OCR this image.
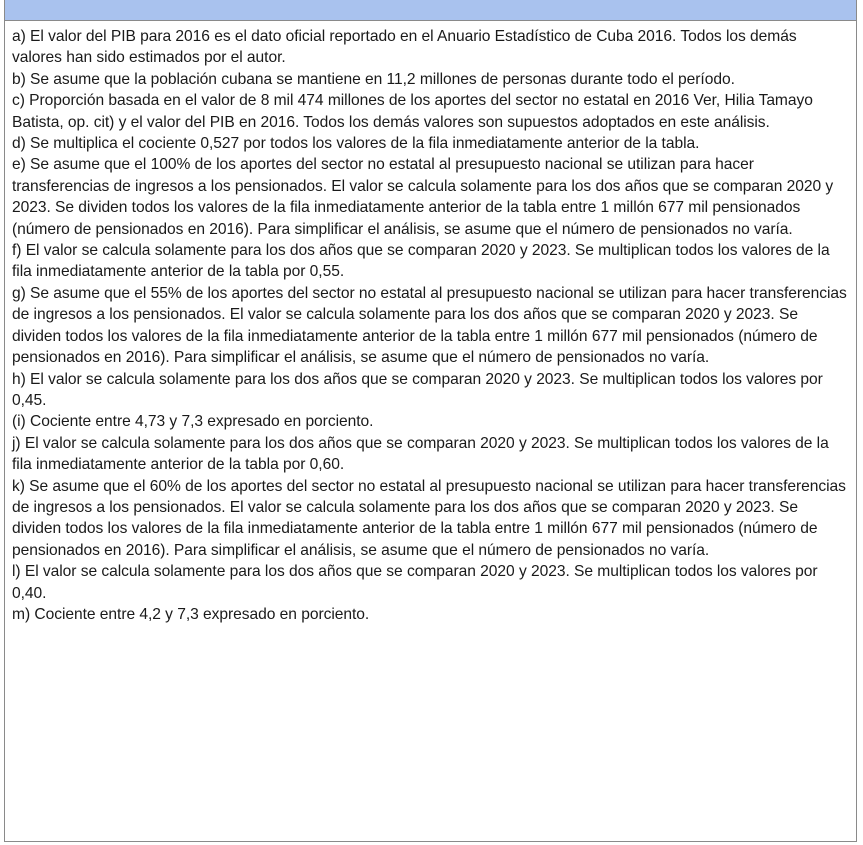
a) El valor del PIB para 2016 es el dato oficial reportado en el Anuario Estadístico de Cuba 2016. Todos los demás valores han sido estimados por el autor.

b) Se asume que la población cubana se mantiene en 11,2 millones de personas durante todo el período.

c) Proporción basada en el valor de 8 mil 474 millones de los aportes del sector no estatal en 2016 Ver, Hilia Tamayo Batista, op. cit) y el valor del PIB en 2016. Todos los demás valores son supuestos adoptados en este análisis.

d) Se multiplica el cociente 0,527 por todos los valores de la fila inmediatamente anterior de la tabla.

e) Se asume que el 100% de los aportes del sector no estatal al presupuesto nacional se utilizan para hacer transferencias de ingresos a los pensionados. El valor se calcula solamente para los dos años que se comparan 2020 y 2023. Se dividen todos los valores de la fila inmediatamente anterior de la tabla entre 1 millón 677 mil pensionados (número de pensionados en 2016). Para simplificar el análisis, se asume que el número de pensionados no varía.

f) El valor se calcula solamente para los dos años que se comparan 2020 y 2023. Se multiplican todos los valores de la fila inmediatamente anterior de la tabla por 0,55.

g) Se asume que el 55% de los aportes del sector no estatal al presupuesto nacional se utilizan para hacer transferencias de ingresos a los pensionados. El valor se calcula solamente para los dos años que se comparan 2020 y 2023. Se dividen todos los valores de la fila inmediatamente anterior de la tabla entre 1 millón 677 mil pensionados (número de pensionados en 2016). Para simplificar el análisis, se asume que el número de pensionados no varía.

h) El valor se calcula solamente para los dos años que se comparan 2020 y 2023. Se multiplican todos los valores por 0,45.

(i) Cociente entre 4,73 y 7,3 expresado en porciento.

j) El valor se calcula solamente para los dos años que se comparan 2020 y 2023. Se multiplican todos los valores de la fila inmediatamente anterior de la tabla por 0,60.

k) Se asume que el 60% de los aportes del sector no estatal al presupuesto nacional se utilizan para hacer transferencias de ingresos a los pensionados. El valor se calcula solamente para los dos años que se comparan 2020 y 2023. Se dividen todos los valores de la fila inmediatamente anterior de la tabla entre 1 millón 677 mil pensionados (número de pensionados en 2016). Para simplificar el análisis, se asume que el número de pensionados no varía.

l) El valor se calcula solamente para los dos años que se comparan 2020 y 2023. Se multiplican todos los valores por 0,40.

m) Cociente entre 4,2 y 7,3 expresado en porciento.
